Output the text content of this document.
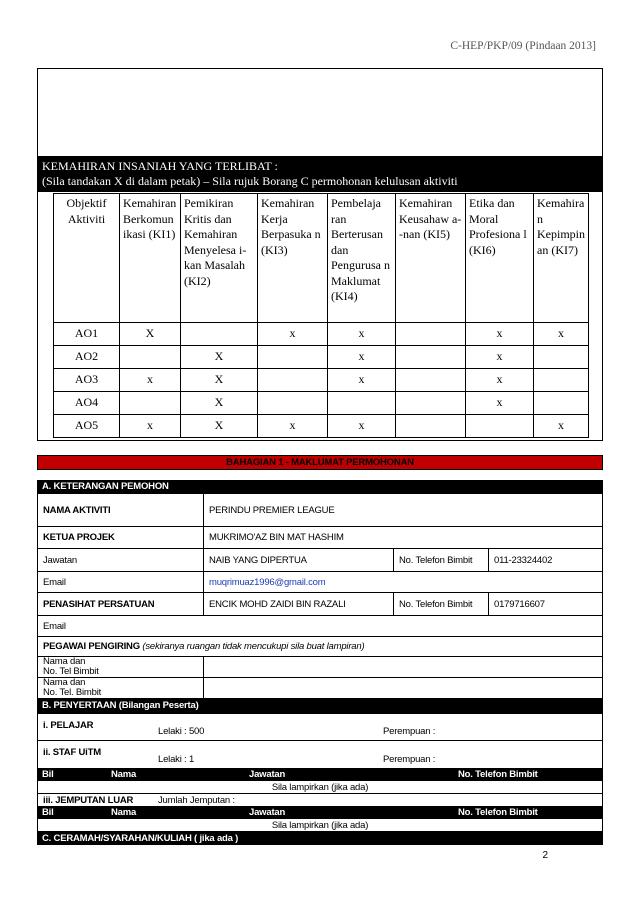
C-HEP/PKP/09 (Pindaan 2013]
KEMAHIRAN INSANIAH YANG TERLIBAT :
(Sila tandakan X di dalam petak) – Sila rujuk Borang C permohonan kelulusan aktiviti
Objektif Aktiviti	Kemahiran Berkomun ikasi (KI1)	Pemikiran Kritis dan Kemahiran Menyelesa i-kan Masalah (KI2)	Kemahiran Kerja Berpasuka n (KI3)	Pembelaja ran Berterusan dan Pengurusa n Maklumat (KI4)	Kemahiran Keusahaw a--nan (KI5)	Etika dan Moral Profesiona l (KI6)	Kemahira n Kepimpin an (KI7)
AO1	X		x	x		x	x
AO2		X		x		x	
AO3	x	X		x		x	
AO4		X				x	
AO5	x	X	x	x			x
BAHAGIAN 1 - MAKLUMAT PERMOHONAN
A. KETERANGAN PEMOHON
NAMA AKTIVITI	PERINDU PREMIER LEAGUE
KETUA PROJEK	MUKRIMO'AZ BIN MAT HASHIM
Jawatan	NAIB YANG DIPERTUA	No. Telefon Bimbit	011-23324402
Email	muqrimuaz1996@gmail.com
PENASIHAT PERSATUAN	ENCIK MOHD ZAIDI BIN RAZALI	No. Telefon Bimbit	0179716607
Email
PEGAWAI PENGIRING
(sekiranya ruangan tidak mencukupi sila buat lampiran)
Nama dan
No. Tel Bimbit
Nama dan
No. Tel. Bimbit
B. PENYERTAAN (Bilangan Peserta)
i. PELAJAR
Lelaki : 500	Perempuan :
ii. STAF UiTM
Lelaki : 1	Perempuan :
Bil	Nama	Jawatan	No. Telefon Bimbit
Sila lampirkan (jika ada)
iii. JEMPUTAN LUAR	Jumlah Jemputan :
Bil	Nama	Jawatan	No. Telefon Bimbit
Sila lampirkan (jika ada)
C. CERAMAH/SYARAHAN/KULIAH ( jika ada )
2
